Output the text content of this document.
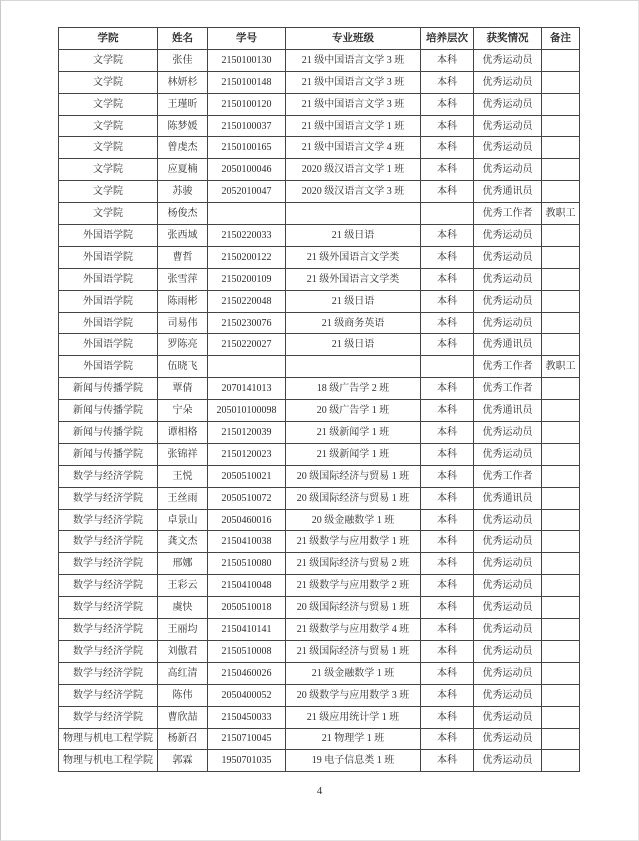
学院	姓名	学号	专业班级	培养层次	获奖情况	备注
文学院	张佳	2150100130	21 级中国语言文学 3 班	本科	优秀运动员	
文学院	林妍杉	2150100148	21 级中国语言文学 3 班	本科	优秀运动员	
文学院	王瑾昕	2150100120	21 级中国语言文学 3 班	本科	优秀运动员	
文学院	陈梦媛	2150100037	21 级中国语言文学 1 班	本科	优秀运动员	
文学院	曾虔杰	2150100165	21 级中国语言文学 4 班	本科	优秀运动员	
文学院	应夏楠	2050100046	2020 级汉语言文学 1 班	本科	优秀运动员	
文学院	苏骏	2052010047	2020 级汉语言文学 3 班	本科	优秀通讯员	
文学院	杨俊杰				优秀工作者	教职工
外国语学院	张西域	2150220033	21 级日语	本科	优秀运动员	
外国语学院	曹哲	2150200122	21 级外国语言文学类	本科	优秀运动员	
外国语学院	张雪萍	2150200109	21 级外国语言文学类	本科	优秀运动员	
外国语学院	陈雨彬	2150220048	21 级日语	本科	优秀运动员	
外国语学院	司易伟	2150230076	21 级商务英语	本科	优秀运动员	
外国语学院	罗陈亮	2150220027	21 级日语	本科	优秀通讯员	
外国语学院	伍晓飞				优秀工作者	教职工
新闻与传播学院	覃倩	2070141013	18 级广告学 2 班	本科	优秀工作者	
新闻与传播学院	宁朵	205010100098	20 级广告学 1 班	本科	优秀通讯员	
新闻与传播学院	谭相格	2150120039	21 级新闻学 1 班	本科	优秀运动员	
新闻与传播学院	张锦祥	2150120023	21 级新闻学 1 班	本科	优秀运动员	
数学与经济学院	王悦	2050510021	20 级国际经济与贸易 1 班	本科	优秀工作者	
数学与经济学院	王丝雨	2050510072	20 级国际经济与贸易 1 班	本科	优秀通讯员	
数学与经济学院	卓景山	2050460016	20 级金融数学 1 班	本科	优秀运动员	
数学与经济学院	龚文杰	2150410038	21 级数学与应用数学 1 班	本科	优秀运动员	
数学与经济学院	邢娜	2150510080	21 级国际经济与贸易 2 班	本科	优秀运动员	
数学与经济学院	王彩云	2150410048	21 级数学与应用数学 2 班	本科	优秀运动员	
数学与经济学院	虞快	2050510018	20 级国际经济与贸易 1 班	本科	优秀运动员	
数学与经济学院	王丽均	2150410141	21 级数学与应用数学 4 班	本科	优秀运动员	
数学与经济学院	刘傲君	2150510008	21 级国际经济与贸易 1 班	本科	优秀运动员	
数学与经济学院	高红清	2150460026	21 级金融数学 1 班	本科	优秀运动员	
数学与经济学院	陈伟	2050400052	20 级数学与应用数学 3 班	本科	优秀运动员	
数学与经济学院	曹欣喆	2150450033	21 级应用统计学 1 班	本科	优秀运动员	
物理与机电工程学院	杨新召	2150710045	21 物理学 1 班	本科	优秀运动员	
物理与机电工程学院	郭霖	1950701035	19 电子信息类 1 班	本科	优秀运动员	
4
